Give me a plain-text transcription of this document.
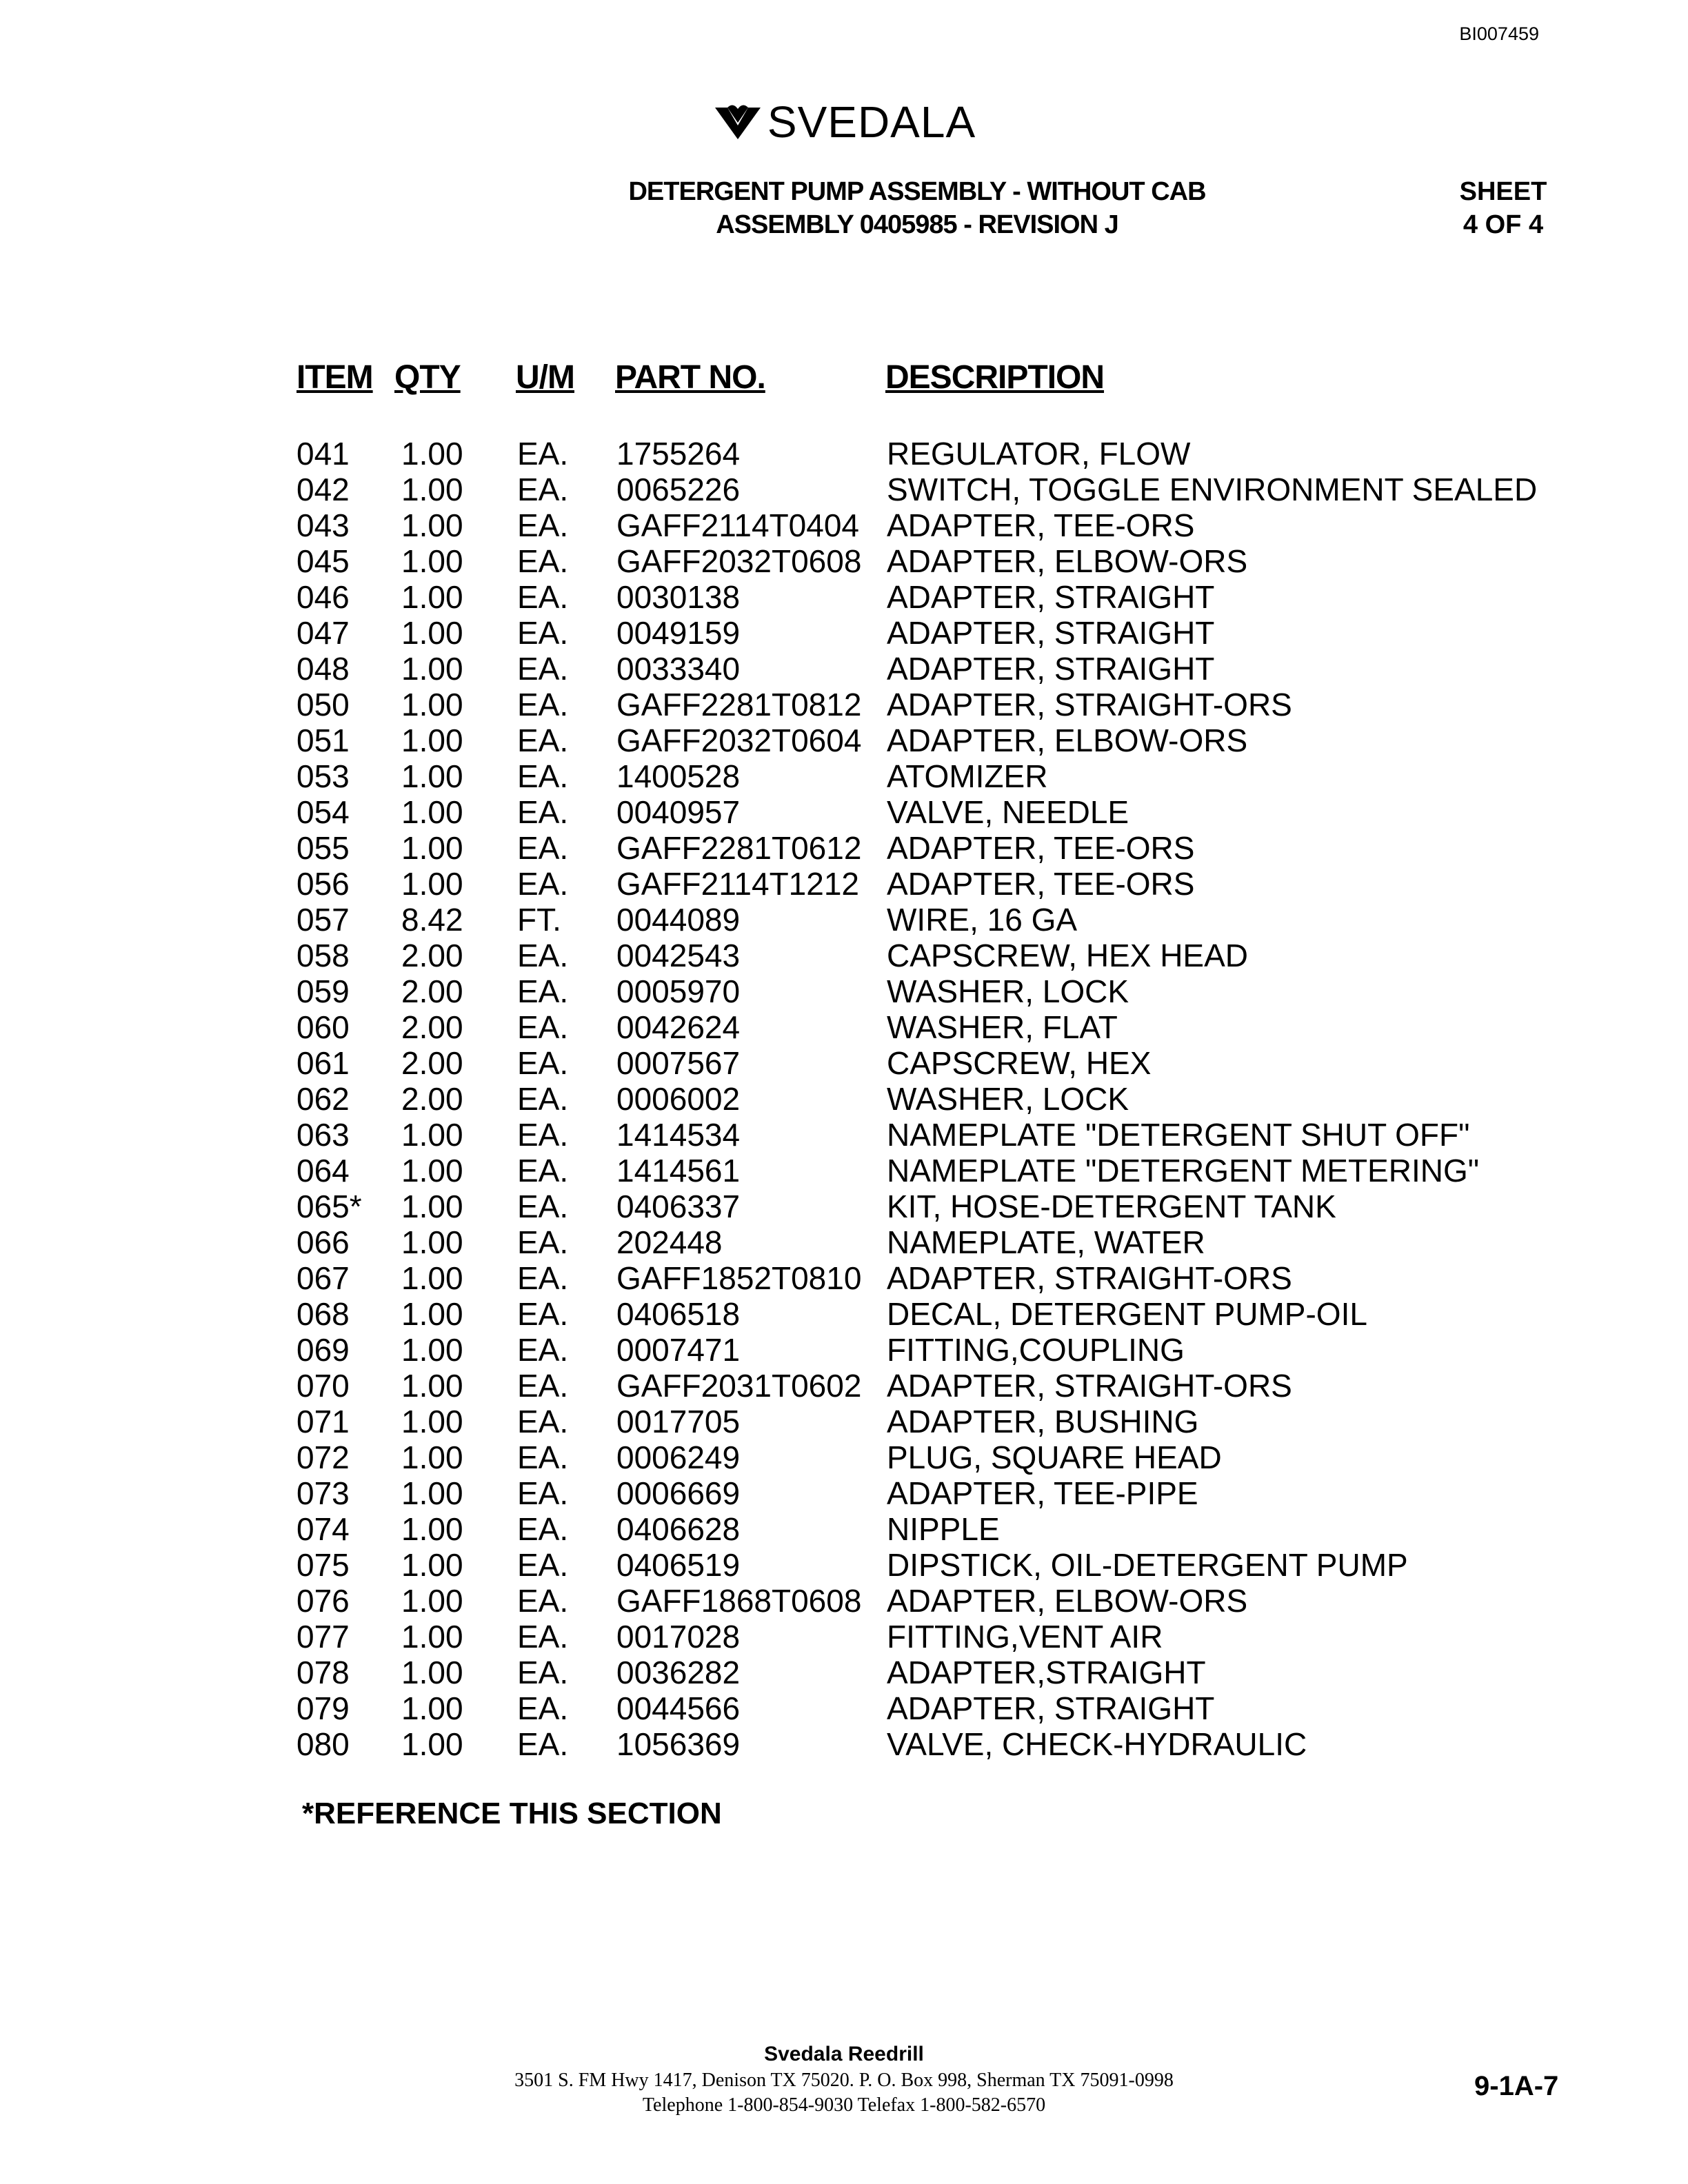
BI007459
SVEDALA
DETERGENT PUMP ASSEMBLY - WITHOUT CAB
ASSEMBLY 0405985 - REVISION J
SHEET
4 OF 4
ITEM QTY U/M PART NO.	DESCRIPTION
041 1.00 EA. 1755264	REGULATOR, FLOW
042 1.00 EA. 0065226	SWITCH, TOGGLE ENVIRONMENT SEALED
043 1.00 EA. GAFF2114T0404 ADAPTER, TEE-ORS
045 1.00 EA. GAFF2032T0608 ADAPTER, ELBOW-ORS
046 1.00 EA. 0030138	ADAPTER, STRAIGHT
047 1.00 EA. 0049159	ADAPTER, STRAIGHT
048 1.00 EA. 0033340	ADAPTER, STRAIGHT
050 1.00 EA. GAFF2281T0812 ADAPTER, STRAIGHT-ORS
051 1.00 EA. GAFF2032T0604 ADAPTER, ELBOW-ORS
053 1.00 EA. 1400528	ATOMIZER
054 1.00 EA. 0040957	VALVE, NEEDLE
055 1.00 EA. GAFF2281T0612 ADAPTER, TEE-ORS
056 1.00 EA. GAFF2114T1212 ADAPTER, TEE-ORS
057 8.42 FT. 0044089	WIRE, 16 GA
058 2.00 EA. 0042543	CAPSCREW, HEX HEAD
059 2.00 EA. 0005970	WASHER, LOCK
060 2.00 EA. 0042624	WASHER, FLAT
061 2.00 EA. 0007567	CAPSCREW, HEX
062 2.00 EA. 0006002	WASHER, LOCK
063 1.00 EA. 1414534	NAMEPLATE "DETERGENT SHUT OFF"
064 1.00 EA. 1414561	NAMEPLATE "DETERGENT METERING"
065* 1.00 EA. 0406337	KIT, HOSE-DETERGENT TANK
066 1.00 EA. 202448	NAMEPLATE, WATER
067 1.00 EA. GAFF1852T0810 ADAPTER, STRAIGHT-ORS
068 1.00 EA. 0406518	DECAL, DETERGENT PUMP-OIL
069 1.00 EA. 0007471	FITTING,COUPLING
070 1.00 EA. GAFF2031T0602 ADAPTER, STRAIGHT-ORS
071 1.00 EA. 0017705	ADAPTER, BUSHING
072 1.00 EA. 0006249	PLUG, SQUARE HEAD
073 1.00 EA. 0006669	ADAPTER, TEE-PIPE
074 1.00 EA. 0406628	NIPPLE
075 1.00 EA. 0406519	DIPSTICK, OIL-DETERGENT PUMP
076 1.00 EA. GAFF1868T0608 ADAPTER, ELBOW-ORS
077 1.00 EA. 0017028	FITTING,VENT AIR
078 1.00 EA. 0036282	ADAPTER,STRAIGHT
079 1.00 EA. 0044566	ADAPTER, STRAIGHT
080 1.00 EA. 1056369	VALVE, CHECK-HYDRAULIC
*REFERENCE THIS SECTION
Svedala Reedrill
3501 S. FM Hwy 1417, Denison TX 75020. P. O. Box 998, Sherman TX 75091-0998
Telephone 1-800-854-9030 Telefax 1-800-582-6570
9-1A-7
